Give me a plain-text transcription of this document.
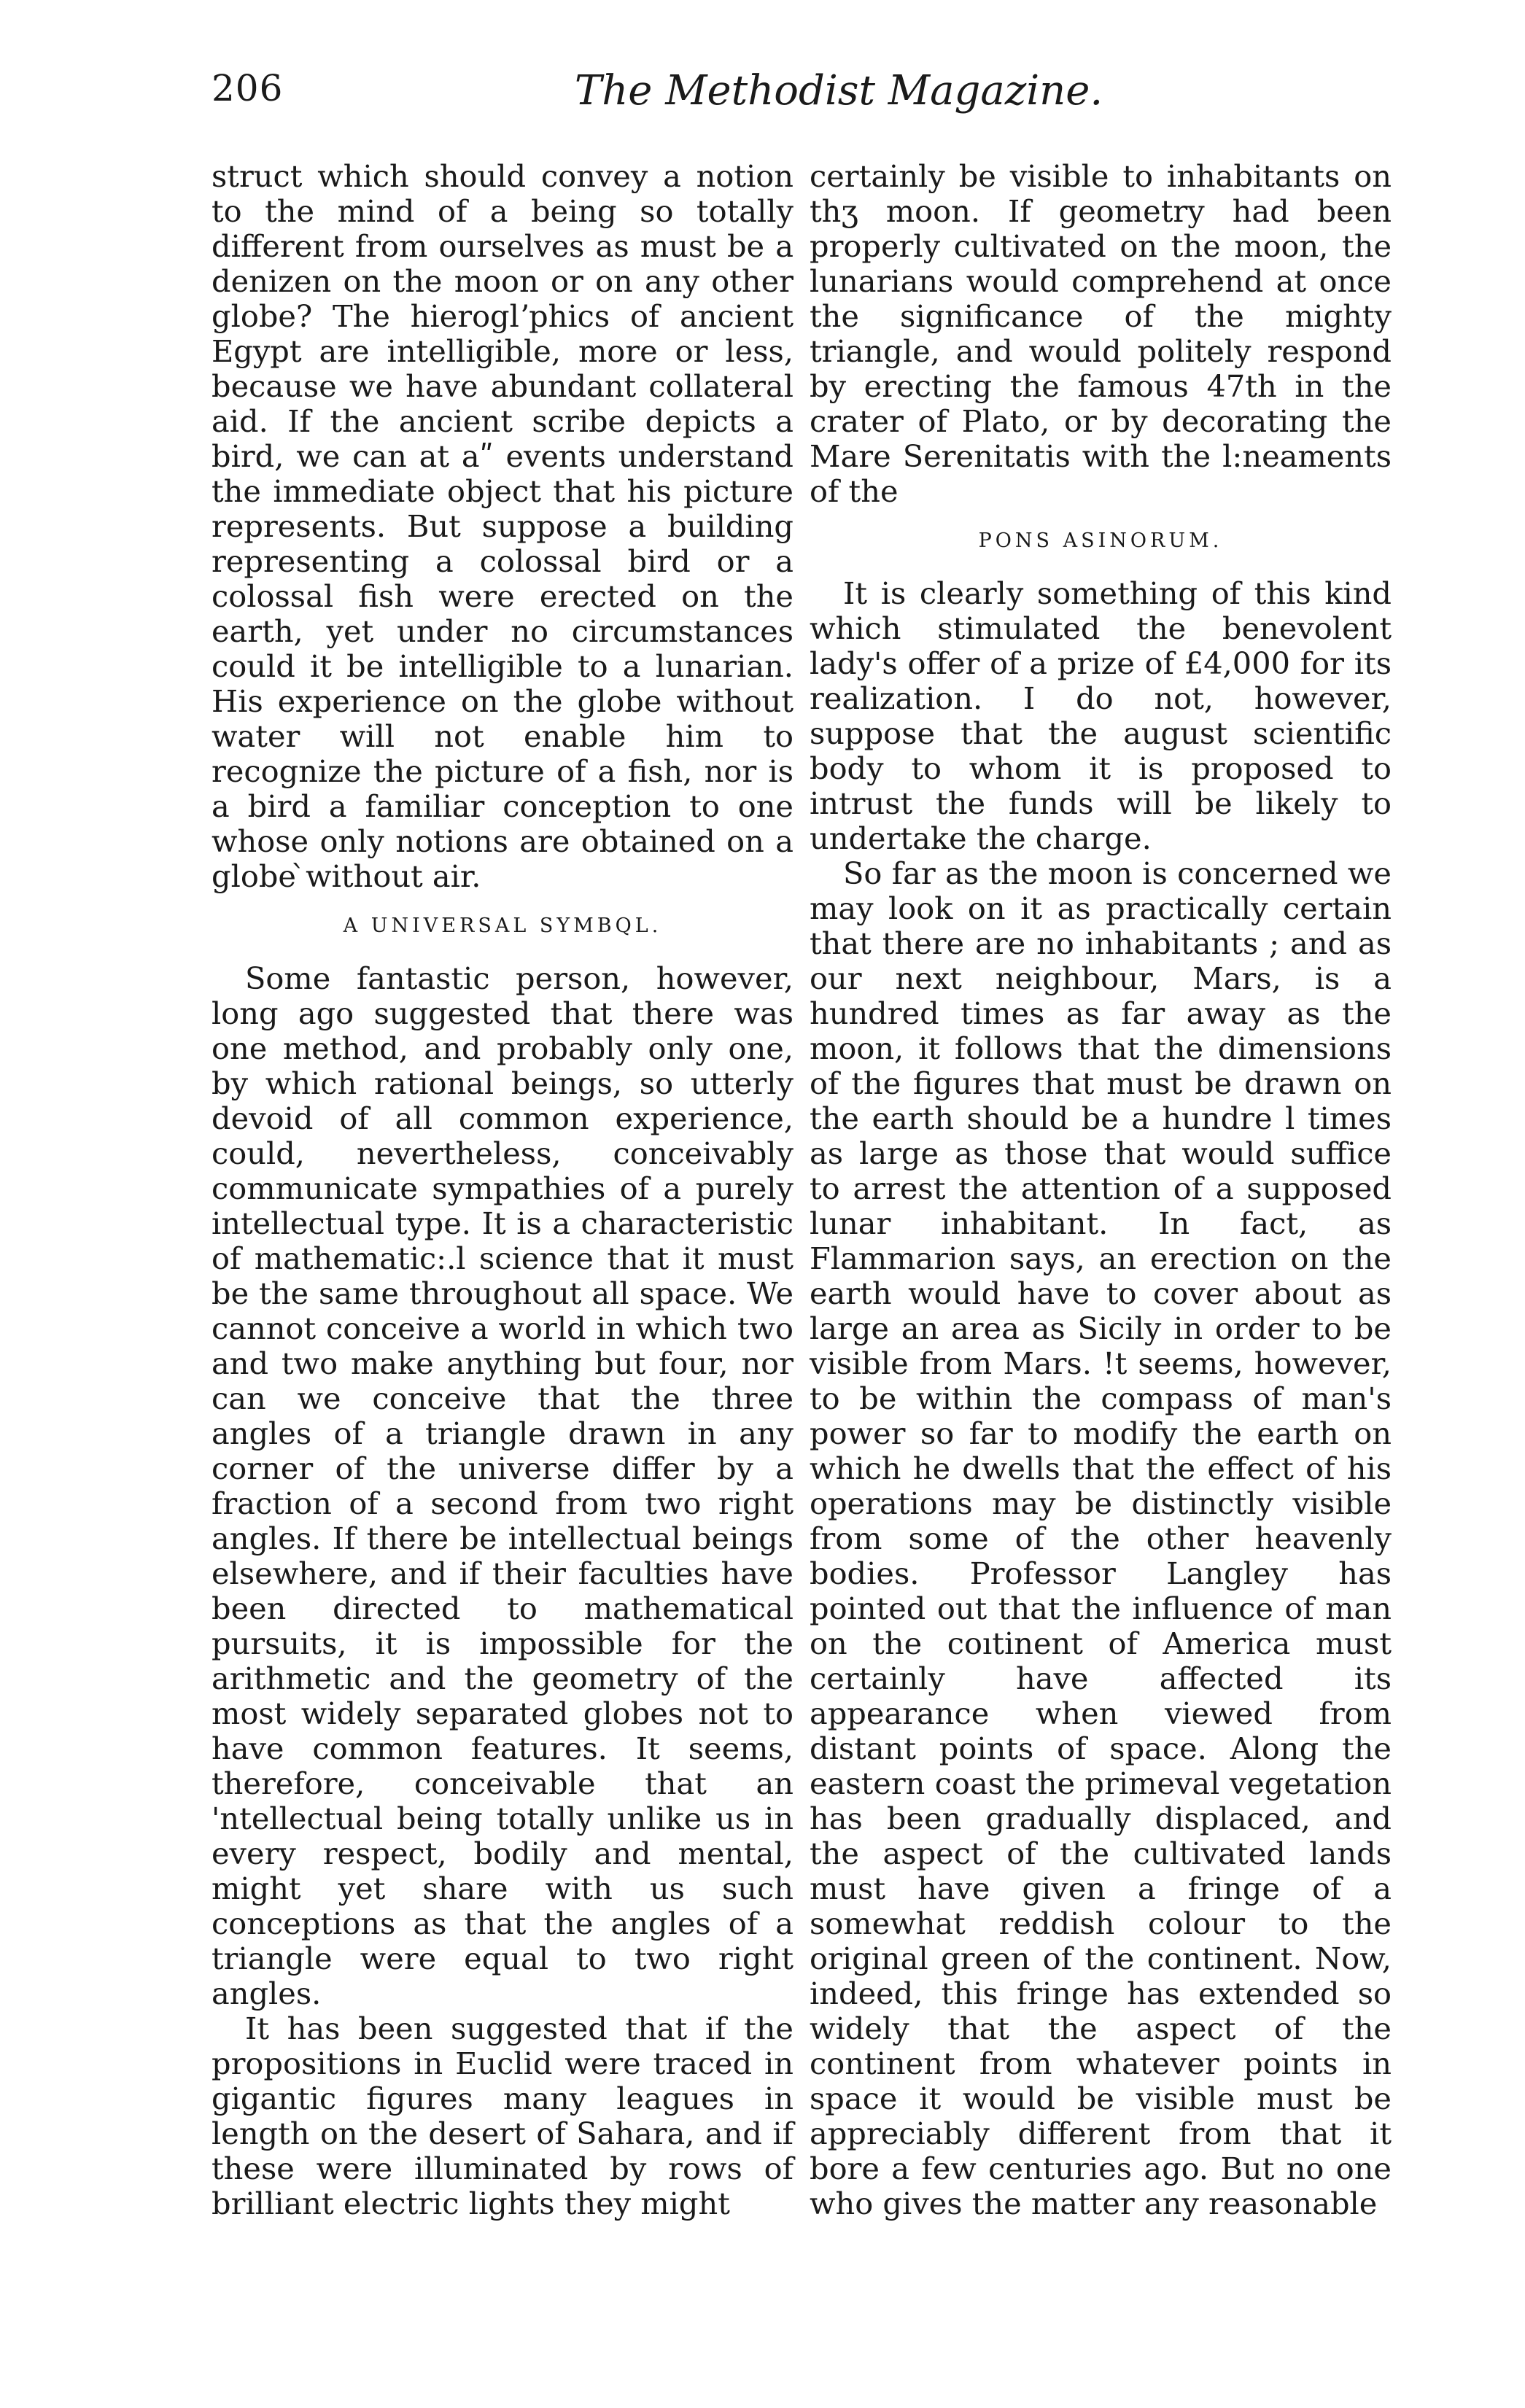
206	The Methodist Magazine.

struct which should convey a notion to the mind of a being so totally different from ourselves as must be a denizen on the moon or on any other globe? The hieroglʼphics of ancient Egypt are intelligible, more or less, because we have abundant collateral aid. If the ancient scribe depicts a bird, we can at aʺ events understand the immediate object that his picture represents. But suppose a building representing a colossal bird or a colossal fish were erected on the earth, yet under no circumstances could it be intelligible to a lunarian. His experience on the globe without water will not enable him to recognize the picture of a fish, nor is a bird a familiar conception to one whose only notions are obtained on a globe ̀without air.

A UNIVERSAL SYMBQL.

Some fantastic person, however, long ago suggested that there was one method, and probably only one, by which rational beings, so utterly devoid of all common experience, could, nevertheless, conceivably communicate sympathies of a purely intellectual type. It is a characteristic of mathematic:.l science that it must be the same throughout all space. We cannot conceive a world in which two and two make anything but four, nor can we conceive that the three angles of a triangle drawn in any corner of the universe differ by a fraction of a second from two right angles. If there be intellectual beings elsewhere, and if their faculties have been directed to mathematical pursuits, it is impossible for the arithmetic and the geometry of the most widely separated globes not to have common features. It seems, therefore, conceivable that an 'ntellectual being totally unlike us in every respect, bodily and mental, might yet share with us such conceptions as that the angles of a triangle were equal to two right angles.

It has been suggested that if the propositions in Euclid were traced in gigantic figures many leagues in length on the desert of Sahara, and if these were illuminated by rows of brilliant electric lights they might

certainly be visible to inhabitants on thʒ moon. If geometry had been properly cultivated on the moon, the lunarians would comprehend at once the significance of the mighty triangle, and would politely respond by erecting the famous 47th in the crater of Plato, or by decorating the Mare Serenitatis with the l:neaments of the

PONS ASINORUM.

It is clearly something of this kind which stimulated the benevolent lady's offer of a prize of £4,000 for its realization. I do not, however, suppose that the august scientific body to whom it is proposed to intrust the funds will be likely to undertake the charge.

So far as the moon is concerned we may look on it as practically certain that there are no inhabitants ; and as our next neighbour, Mars, is a hundred times as far away as the moon, it follows that the dimensions of the figures that must be drawn on the earth should be a hundre l times as large as those that would suffice to arrest the attention of a supposed lunar inhabitant. In fact, as Flammarion says, an erection on the earth would have to cover about as large an area as Sicily in order to be visible from Mars. !t seems, however, to be within the compass of man's power so far to modify the earth on which he dwells that the effect of his operations may be distinctly visible from some of the other heavenly bodies. Professor Langley has pointed out that the influence of man on the coıtinent of America must certainly have affected its appearance when viewed from distant points of space. Along the eastern coast the primeval vegetation has been gradually displaced, and the aspect of the cultivated lands must have given a fringe of a somewhat reddish colour to the original green of the continent. Now, indeed, this fringe has extended so widely that the aspect of the continent from whatever points in space it would be visible must be appreciably different from that it bore a few centuries ago. But no one who gives the matter any reasonable
